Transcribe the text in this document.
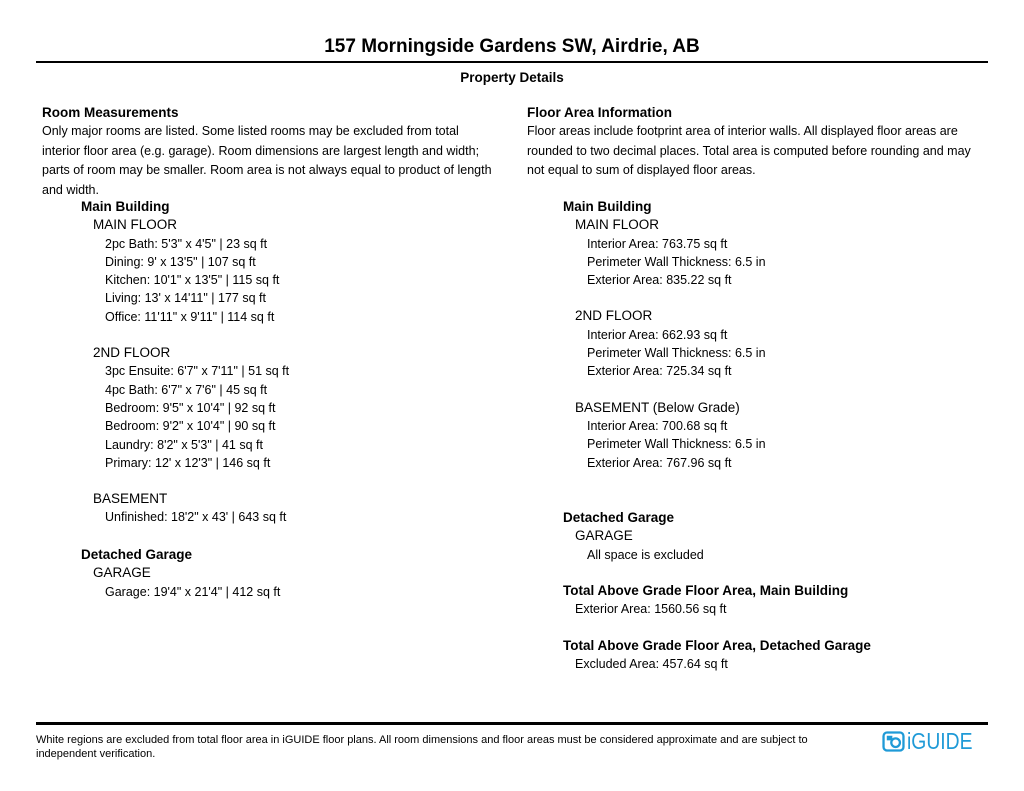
157 Morningside Gardens SW, Airdrie, AB
Property Details
Room Measurements
Only major rooms are listed. Some listed rooms may be excluded from total interior floor area (e.g. garage). Room dimensions are largest length and width; parts of room may be smaller. Room area is not always equal to product of length and width.
Floor Area Information
Floor areas include footprint area of interior walls. All displayed floor areas are rounded to two decimal places. Total area is computed before rounding and may not equal to sum of displayed floor areas.
Main Building
MAIN FLOOR
2pc Bath: 5'3" x 4'5" | 23 sq ft
Dining: 9' x 13'5" | 107 sq ft
Kitchen: 10'1" x 13'5" | 115 sq ft
Living: 13' x 14'11" | 177 sq ft
Office: 11'11" x 9'11" | 114 sq ft
2ND FLOOR
3pc Ensuite: 6'7" x 7'11" | 51 sq ft
4pc Bath: 6'7" x 7'6" | 45 sq ft
Bedroom: 9'5" x 10'4" | 92 sq ft
Bedroom: 9'2" x 10'4" | 90 sq ft
Laundry: 8'2" x 5'3" | 41 sq ft
Primary: 12' x 12'3" | 146 sq ft
BASEMENT
Unfinished: 18'2" x 43' | 643 sq ft
Detached Garage
GARAGE
Garage: 19'4" x 21'4" | 412 sq ft
Main Building
MAIN FLOOR
Interior Area: 763.75 sq ft
Perimeter Wall Thickness: 6.5 in
Exterior Area: 835.22 sq ft
2ND FLOOR
Interior Area: 662.93 sq ft
Perimeter Wall Thickness: 6.5 in
Exterior Area: 725.34 sq ft
BASEMENT (Below Grade)
Interior Area: 700.68 sq ft
Perimeter Wall Thickness: 6.5 in
Exterior Area: 767.96 sq ft
Detached Garage
GARAGE
All space is excluded
Total Above Grade Floor Area, Main Building
Exterior Area: 1560.56 sq ft
Total Above Grade Floor Area, Detached Garage
Excluded Area: 457.64 sq ft
White regions are excluded from total floor area in iGUIDE floor plans. All room dimensions and floor areas must be considered approximate and are subject to independent verification.	iGUIDE
